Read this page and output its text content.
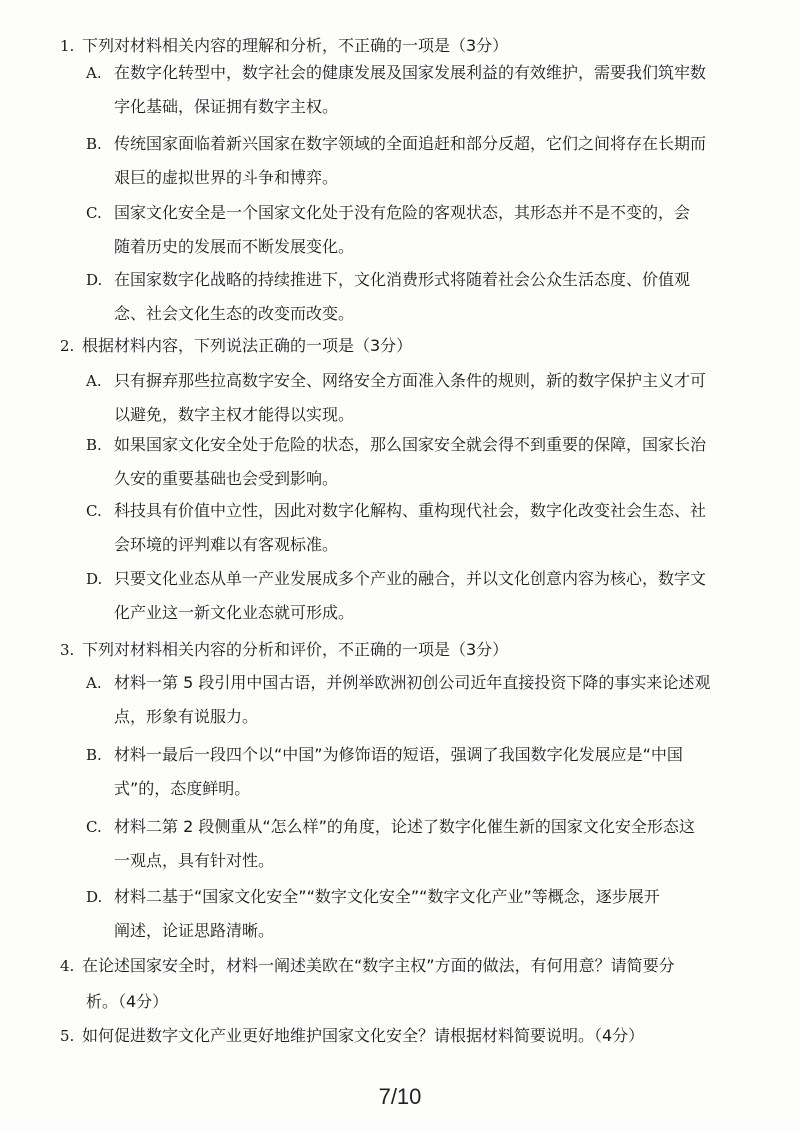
1. 下列对材料相关内容的理解和分析，不正确的一项是（3分）
A. 在数字化转型中，数字社会的健康发展及国家发展利益的有效维护，需要我们筑牢数
字化基础，保证拥有数字主权。
B. 传统国家面临着新兴国家在数字领域的全面追赶和部分反超，它们之间将存在长期而
艰巨的虚拟世界的斗争和博弈。
C. 国家文化安全是一个国家文化处于没有危险的客观状态，其形态并不是不变的，会
随着历史的发展而不断发展变化。
D. 在国家数字化战略的持续推进下，文化消费形式将随着社会公众生活态度、价值观
念、社会文化生态的改变而改变。
2. 根据材料内容，下列说法正确的一项是（3分）
A. 只有摒弃那些拉高数字安全、网络安全方面准入条件的规则，新的数字保护主义才可
以避免，数字主权才能得以实现。
B. 如果国家文化安全处于危险的状态，那么国家安全就会得不到重要的保障，国家长治
久安的重要基础也会受到影响。
C. 科技具有价值中立性，因此对数字化解构、重构现代社会，数字化改变社会生态、社
会环境的评判难以有客观标准。
D. 只要文化业态从单一产业发展成多个产业的融合，并以文化创意内容为核心，数字文
化产业这一新文化业态就可形成。
3. 下列对材料相关内容的分析和评价，不正确的一项是（3分）
A. 材料一第 5 段引用中国古语，并例举欧洲初创公司近年直接投资下降的事实来论述观
点，形象有说服力。
B. 材料一最后一段四个以“中国”为修饰语的短语，强调了我国数字化发展应是“中国
式”的，态度鲜明。
C. 材料二第 2 段侧重从“怎么样”的角度，论述了数字化催生新的国家文化安全形态这
一观点，具有针对性。
D. 材料二基于“国家文化安全”“数字文化安全”“数字文化产业”等概念，逐步展开
阐述，论证思路清晰。
4. 在论述国家安全时，材料一阐述美欧在“数字主权”方面的做法，有何用意？请简要分
析。（4分）
5. 如何促进数字文化产业更好地维护国家文化安全？请根据材料简要说明。（4分）
7/10
